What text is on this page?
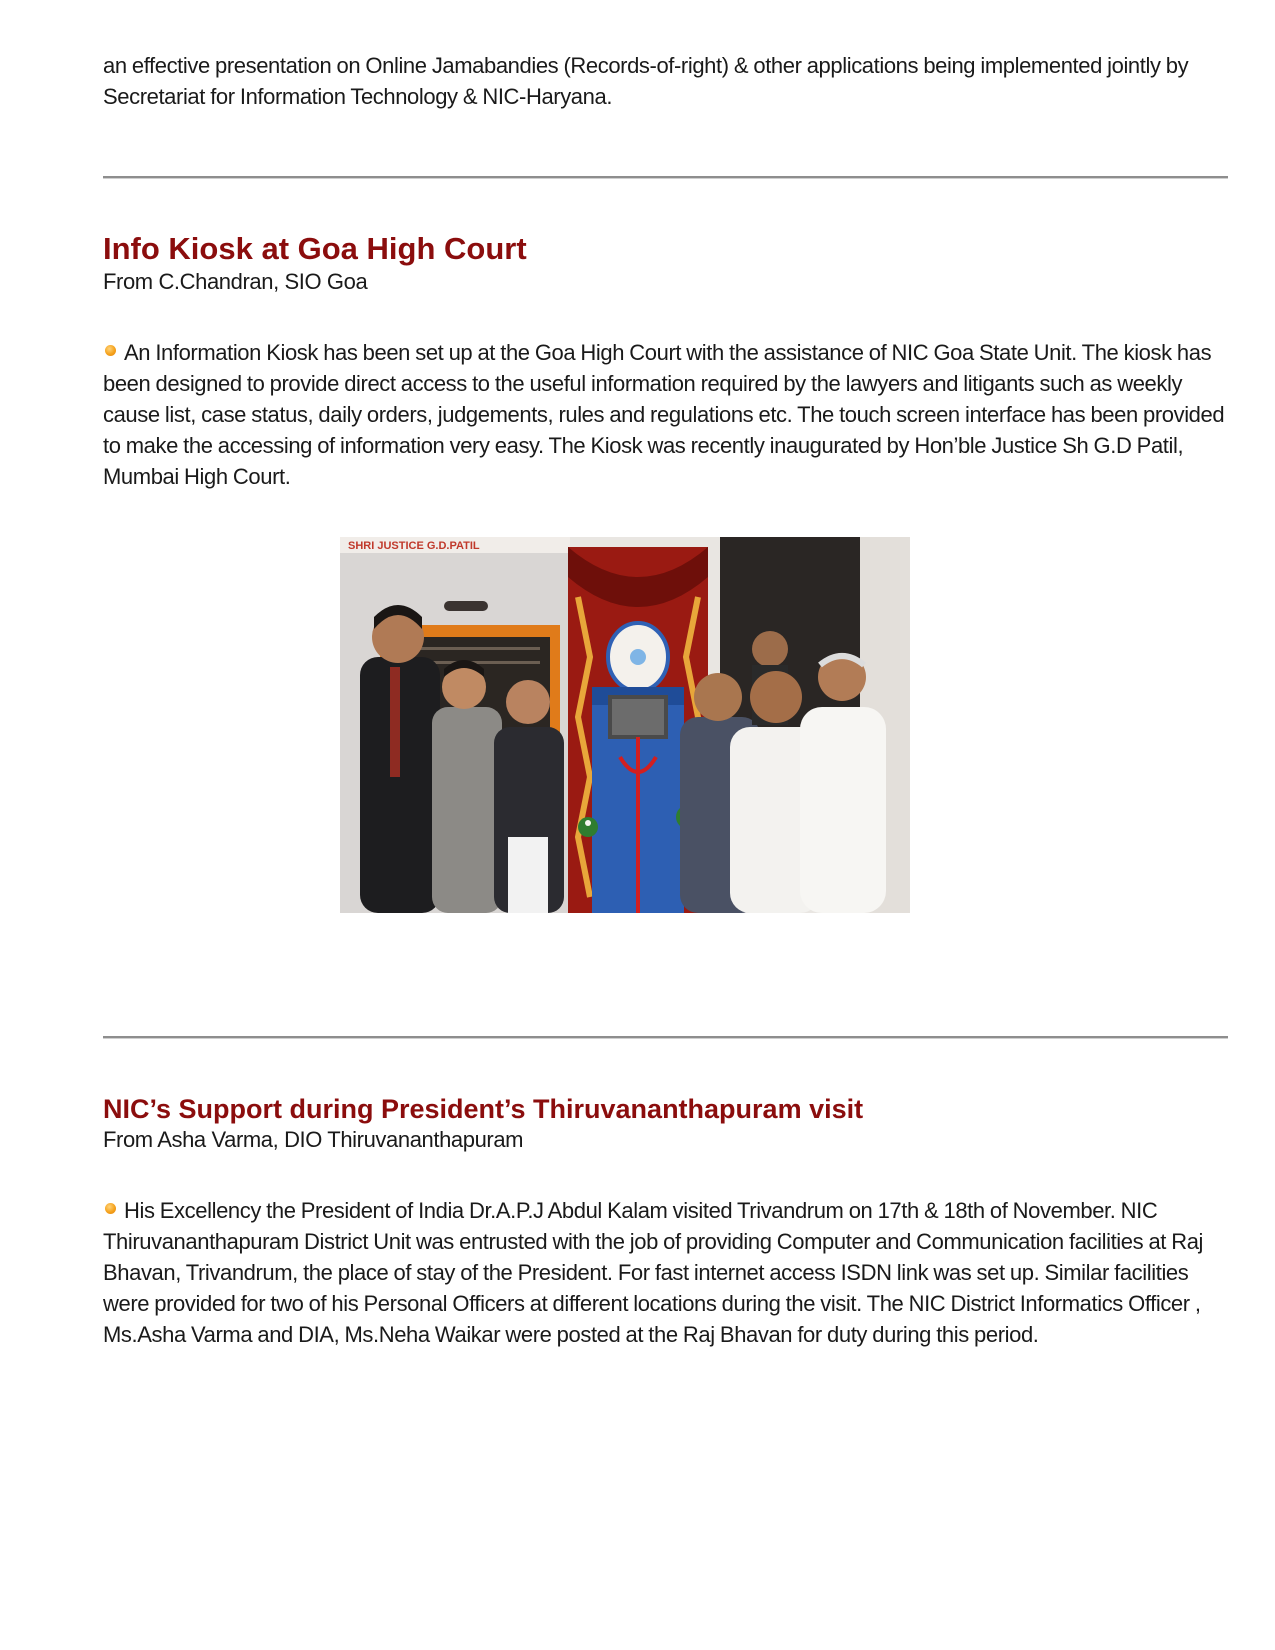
an effective presentation on Online Jamabandies (Records-of-right) & other applications being implemented jointly by Secretariat for Information Technology & NIC-Haryana.

Info Kiosk at Goa High Court

From C.Chandran, SIO Goa

An Information Kiosk has been set up at the Goa High Court with the assistance of NIC Goa State Unit. The kiosk has been designed to provide direct access to the useful information required by the lawyers and litigants such as weekly cause list, case status, daily orders, judgements, rules and regulations etc. The touch screen interface has been provided to make the accessing of information very easy. The Kiosk was recently inaugurated by Hon’ble Justice Sh G.D Patil, Mumbai High Court.

SHRI JUSTICE G.D.PATIL
NIC’s Support during President’s Thiruvananthapuram visit

From Asha Varma, DIO Thiruvananthapuram

His Excellency the President of India Dr.A.P.J Abdul Kalam visited Trivandrum on 17th & 18th of November. NIC Thiruvananthapuram District Unit was entrusted with the job of providing Computer and Communication facilities at Raj Bhavan, Trivandrum, the place of stay of the President. For fast internet access ISDN link was set up. Similar facilities were provided for two of his Personal Officers at different locations during the visit. The NIC District Informatics Officer , Ms.Asha Varma and DIA, Ms.Neha Waikar were posted at the Raj Bhavan for duty during this period.
